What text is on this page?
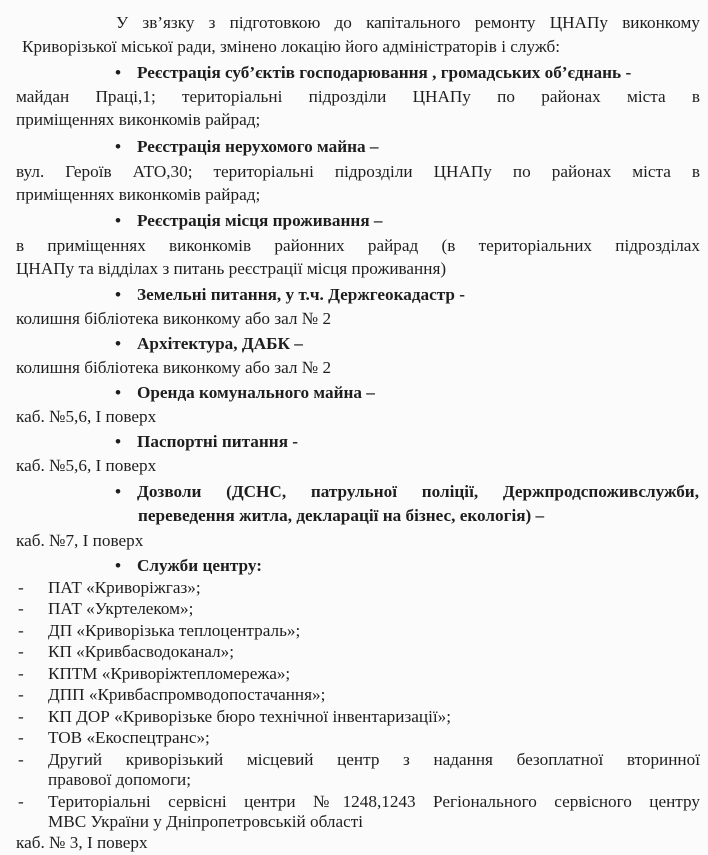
У зв’язку з підготовкою до капітального ремонту ЦНАПу виконкому
Криворізької міської ради, змінено локацію його адміністраторів і служб:
• Реєстрація суб’єктів господарювання , громадських об’єднань -
майдан Праці,1; територіальні підрозділи ЦНАПу по районах міста в
приміщеннях виконкомів райрад;
• Реєстрація нерухомого майна –
вул. Героїв АТО,30; територіальні підрозділи ЦНАПу по районах міста в
приміщеннях виконкомів райрад;
• Реєстрація місця проживання –
в приміщеннях виконкомів районних райрад (в територіальних підрозділах
ЦНАПу та відділах з питань реєстрації місця проживання)
• Земельні питання, у т.ч. Держгеокадастр -
колишня бібліотека виконкому або зал № 2
• Архітектура, ДАБК –
колишня бібліотека виконкому або зал № 2
• Оренда комунального майна –
каб. №5,6, І поверх
• Паспортні питання -
каб. №5,6, І поверх
• Дозволи (ДСНС, патрульної поліції, Держпродспоживслужби,
переведення житла, декларації на бізнес, екологія) –
каб. №7, І поверх
• Служби центру:
- ПАТ «Криворіжгаз»;
- ПАТ «Укртелеком»;
- ДП «Криворізька теплоцентраль»;
- КП «Кривбасводоканал»;
- КПТМ «Криворіжтепломережа»;
- ДПП «Кривбаспромводопостачання»;
- КП ДОР «Криворізьке бюро технічної інвентаризації»;
- ТОВ «Екоспецтранс»;
- Другий криворізький місцевий центр з надання безоплатної вторинної
правової допомоги;
- Територіальні сервісні центри №1248,1243 Регіонального сервісного центру
МВС України у Дніпропетровській області
каб. № 3, І поверх
